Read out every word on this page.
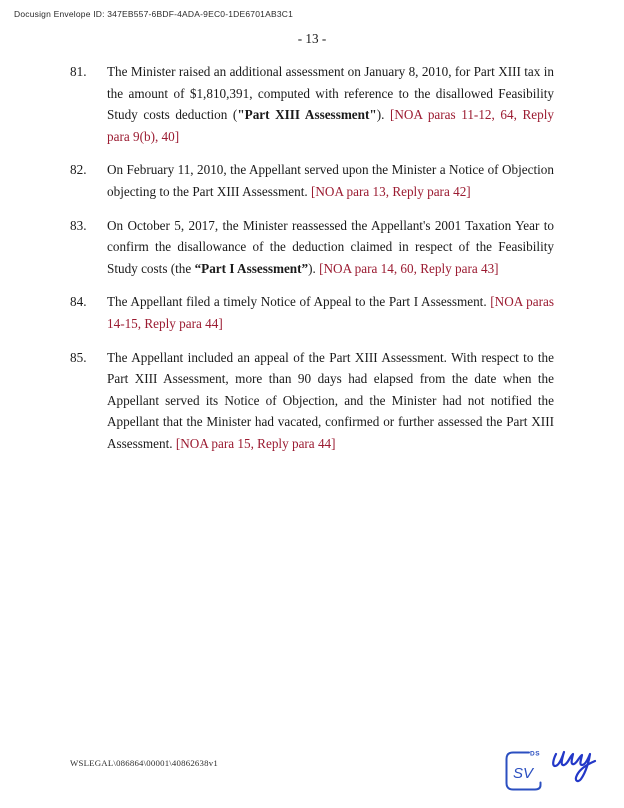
Docusign Envelope ID: 347EB557-6BDF-4ADA-9EC0-1DE6701AB3C1
- 13 -
81.	The Minister raised an additional assessment on January 8, 2010, for Part XIII tax in the amount of $1,810,391, computed with reference to the disallowed Feasibility Study costs deduction ("Part XIII Assessment"). [NOA paras 11-12, 64, Reply para 9(b), 40]
82.	On February 11, 2010, the Appellant served upon the Minister a Notice of Objection objecting to the Part XIII Assessment. [NOA para 13, Reply para 42]
83.	On October 5, 2017, the Minister reassessed the Appellant's 2001 Taxation Year to confirm the disallowance of the deduction claimed in respect of the Feasibility Study costs (the “Part I Assessment”). [NOA para 14, 60, Reply para 43]
84.	The Appellant filed a timely Notice of Appeal to the Part I Assessment. [NOA paras 14-15, Reply para 44]
85.	The Appellant included an appeal of the Part XIII Assessment. With respect to the Part XIII Assessment, more than 90 days had elapsed from the date when the Appellant served its Notice of Objection, and the Minister had not notified the Appellant that the Minister had vacated, confirmed or further assessed the Part XIII Assessment. [NOA para 15, Reply para 44]
WSLEGAL\086864\00001\40862638v1
DS
SV
